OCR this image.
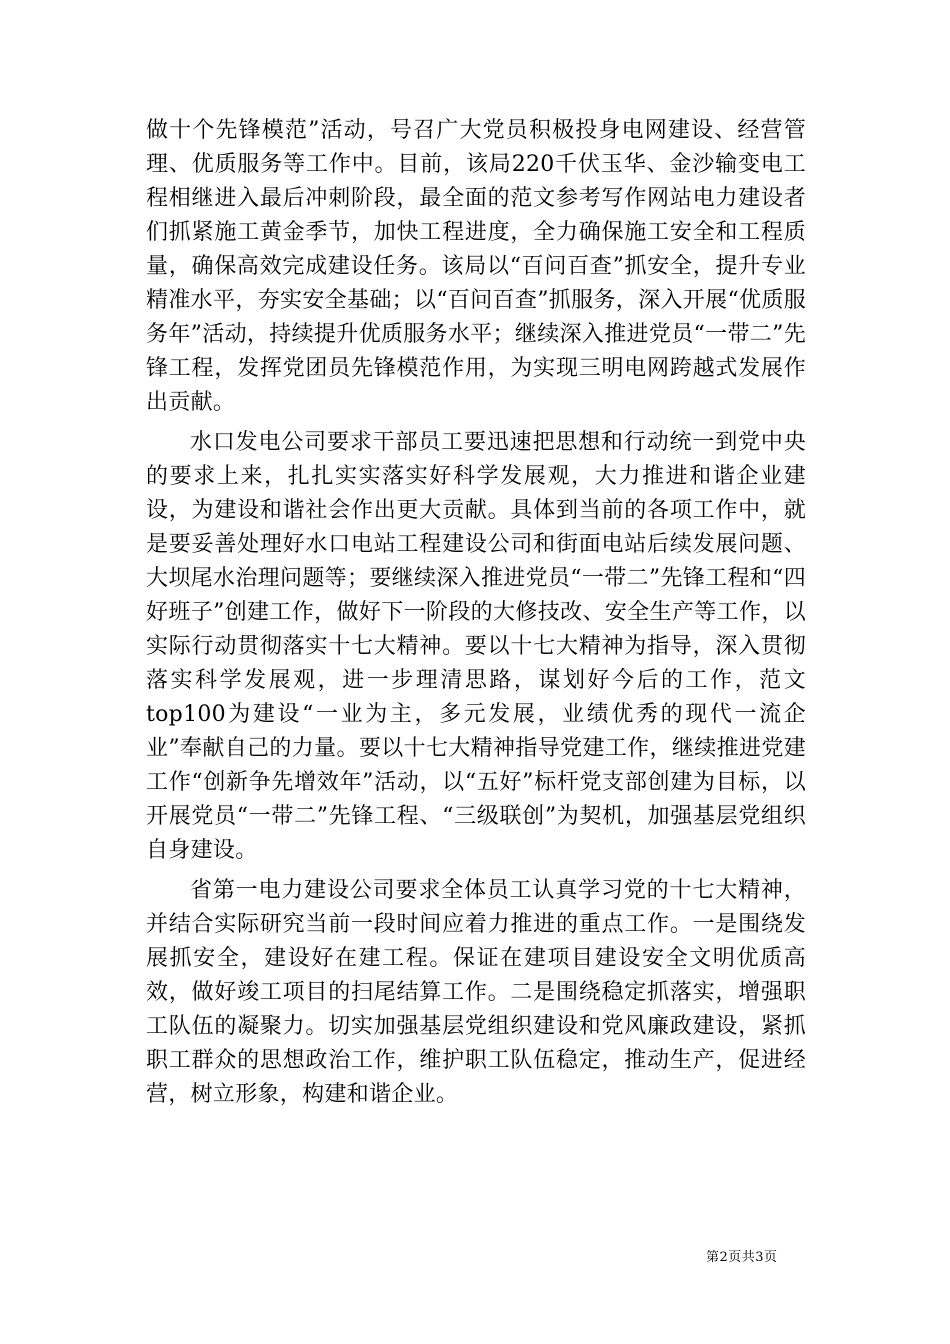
做十个先锋模范”活动，号召广大党员积极投身电网建设、经营管理、优质服务等工作中。目前，该局220千伏玉华、金沙输变电工程相继进入最后冲刺阶段，最全面的范文参考写作网站电力建设者们抓紧施工黄金季节，加快工程进度，全力确保施工安全和工程质量，确保高效完成建设任务。该局以“百问百查”抓安全，提升专业精准水平，夯实安全基础；以“百问百查”抓服务，深入开展“优质服务年”活动，持续提升优质服务水平；继续深入推进党员“一带二”先锋工程，发挥党团员先锋模范作用，为实现三明电网跨越式发展作出贡献。

水口发电公司要求干部员工要迅速把思想和行动统一到党中央的要求上来，扎扎实实落实好科学发展观，大力推进和谐企业建设，为建设和谐社会作出更大贡献。具体到当前的各项工作中，就是要妥善处理好水口电站工程建设公司和街面电站后续发展问题、大坝尾水治理问题等；要继续深入推进党员“一带二”先锋工程和“四好班子”创建工作，做好下一阶段的大修技改、安全生产等工作，以实际行动贯彻落实十七大精神。要以十七大精神为指导，深入贯彻落实科学发展观，进一步理清思路，谋划好今后的工作，范文top100为建设“一业为主，多元发展，业绩优秀的现代一流企业”奉献自己的力量。要以十七大精神指导党建工作，继续推进党建工作“创新争先增效年”活动，以“五好”标杆党支部创建为目标，以开展党员“一带二”先锋工程、“三级联创”为契机，加强基层党组织自身建设。

省第一电力建设公司要求全体员工认真学习党的十七大精神，并结合实际研究当前一段时间应着力推进的重点工作。一是围绕发展抓安全，建设好在建工程。保证在建项目建设安全文明优质高效，做好竣工项目的扫尾结算工作。二是围绕稳定抓落实，增强职工队伍的凝聚力。切实加强基层党组织建设和党风廉政建设，紧抓职工群众的思想政治工作，维护职工队伍稳定，推动生产，促进经营，树立形象，构建和谐企业。

第2页共3页
